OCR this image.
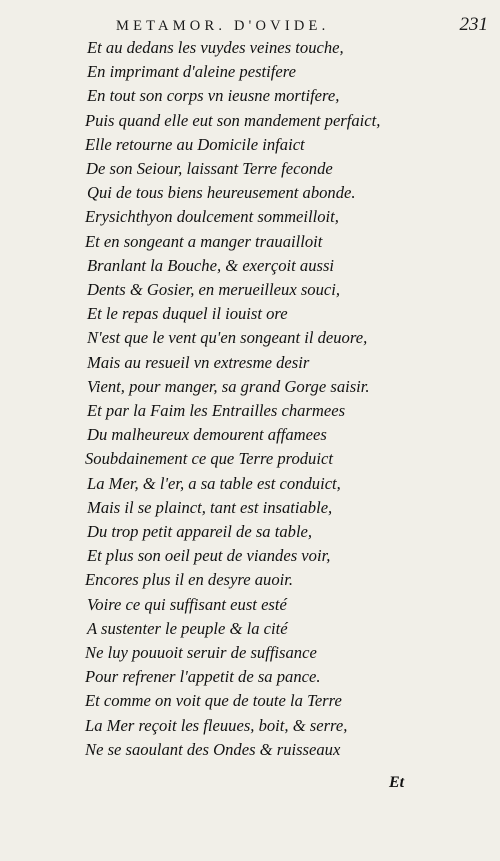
METAMOR. D'OVIDE.	231
Et au dedans les vuydes veines touche,
En imprimant d'aleine pestifere
En tout son corps vn ieusne mortifere,
Puis quand elle eut son mandement perfaict,
Elle retourne au Domicile infaict
De son Seiour, laissant Terre feconde
Qui de tous biens heureusement abonde.
Erysichthyon doulcement sommeilloit,
Et en songeant a manger trauailloit
Branlant la Bouche, & exerçoit aussi
Dents & Gosier, en merueilleux souci,
Et le repas duquel il iouist ore
N'est que le vent qu'en songeant il deuore,
Mais au resueil vn extresme desir
Vient, pour manger, sa grand Gorge saisir.
Et par la Faim les Entrailles charmees
Du malheureux demourent affamees
Soubdainement ce que Terre produict
La Mer, & l'er, a sa table est conduict,
Mais il se plainct, tant est insatiable,
Du trop petit appareil de sa table,
Et plus son oeil peut de viandes voir,
Encores plus il en desyre auoir.
Voire ce qui suffisant eust esté
A sustenter le peuple & la cité
Ne luy pouuoit seruir de suffisance
Pour refrener l'appetit de sa pance.
Et comme on voit que de toute la Terre
La Mer reçoit les fleuues, boit, & serre,
Ne se saoulant des Ondes & ruisseaux
Et
